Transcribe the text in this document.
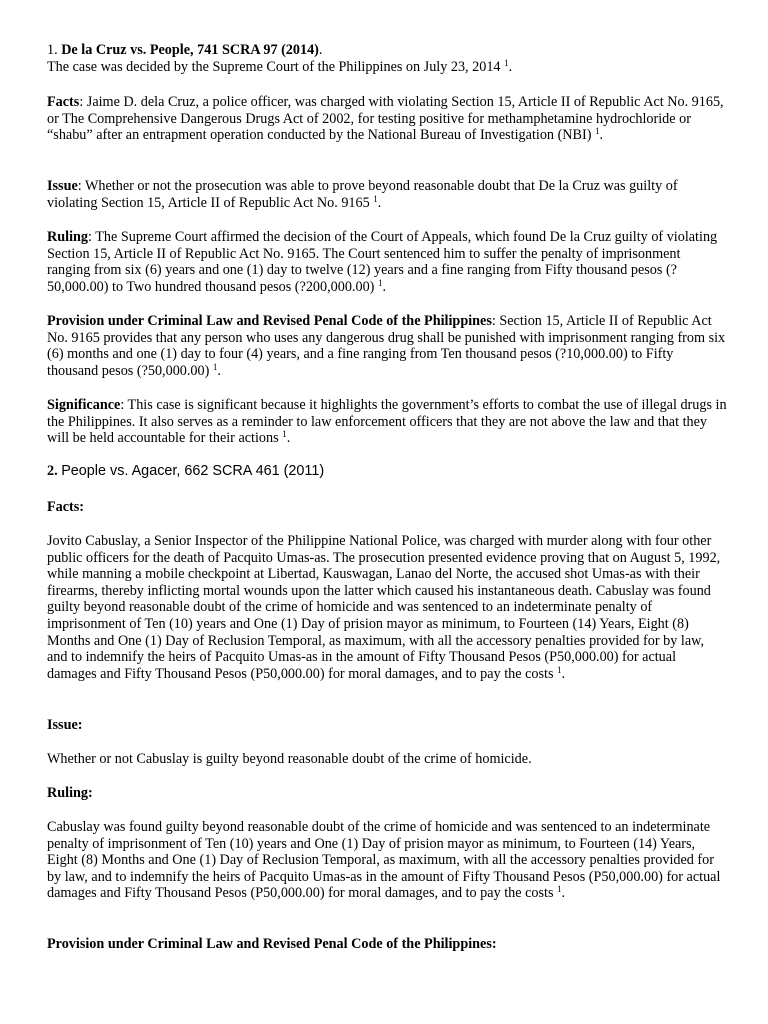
1. De la Cruz vs. People, 741 SCRA 97 (2014).
The case was decided by the Supreme Court of the Philippines on July 23, 2014 $^1$.

Facts: Jaime D. dela Cruz, a police officer, was charged with violating Section 15, Article II of Republic Act No. 9165, or The Comprehensive Dangerous Drugs Act of 2002, for testing positive for methamphetamine hydrochloride or “shabu” after an entrapment operation conducted by the National Bureau of Investigation (NBI) $^1$.

Issue: Whether or not the prosecution was able to prove beyond reasonable doubt that De la Cruz was guilty of violating Section 15, Article II of Republic Act No. 9165 $^1$.

Ruling: The Supreme Court affirmed the decision of the Court of Appeals, which found De la Cruz guilty of violating Section 15, Article II of Republic Act No. 9165. The Court sentenced him to suffer the penalty of imprisonment ranging from six (6) years and one (1) day to twelve (12) years and a fine ranging from Fifty thousand pesos (?50,000.00) to Two hundred thousand pesos (?200,000.00) $^1$.

Provision under Criminal Law and Revised Penal Code of the Philippines: Section 15, Article II of Republic Act No. 9165 provides that any person who uses any dangerous drug shall be punished with imprisonment ranging from six (6) months and one (1) day to four (4) years, and a fine ranging from Ten thousand pesos (?10,000.00) to Fifty thousand pesos (?50,000.00) $^1$.

Significance: This case is significant because it highlights the government’s efforts to combat the use of illegal drugs in the Philippines. It also serves as a reminder to law enforcement officers that they are not above the law and that they will be held accountable for their actions $^1$.

2. People vs. Agacer, 662 SCRA 461 (2011)

Facts:

Jovito Cabuslay, a Senior Inspector of the Philippine National Police, was charged with murder along with four other public officers for the death of Pacquito Umas-as. The prosecution presented evidence proving that on August 5, 1992, while manning a mobile checkpoint at Libertad, Kauswagan, Lanao del Norte, the accused shot Umas-as with their firearms, thereby inflicting mortal wounds upon the latter which caused his instantaneous death. Cabuslay was found guilty beyond reasonable doubt of the crime of homicide and was sentenced to an indeterminate penalty of imprisonment of Ten (10) years and One (1) Day of prision mayor as minimum, to Fourteen (14) Years, Eight (8) Months and One (1) Day of Reclusion Temporal, as maximum, with all the accessory penalties provided for by law, and to indemnify the heirs of Pacquito Umas-as in the amount of Fifty Thousand Pesos (P50,000.00) for actual damages and Fifty Thousand Pesos (P50,000.00) for moral damages, and to pay the costs $^1$.

Issue:

Whether or not Cabuslay is guilty beyond reasonable doubt of the crime of homicide.

Ruling:

Cabuslay was found guilty beyond reasonable doubt of the crime of homicide and was sentenced to an indeterminate penalty of imprisonment of Ten (10) years and One (1) Day of prision mayor as minimum, to Fourteen (14) Years, Eight (8) Months and One (1) Day of Reclusion Temporal, as maximum, with all the accessory penalties provided for by law, and to indemnify the heirs of Pacquito Umas-as in the amount of Fifty Thousand Pesos (P50,000.00) for actual damages and Fifty Thousand Pesos (P50,000.00) for moral damages, and to pay the costs $^1$.

Provision under Criminal Law and Revised Penal Code of the Philippines:
